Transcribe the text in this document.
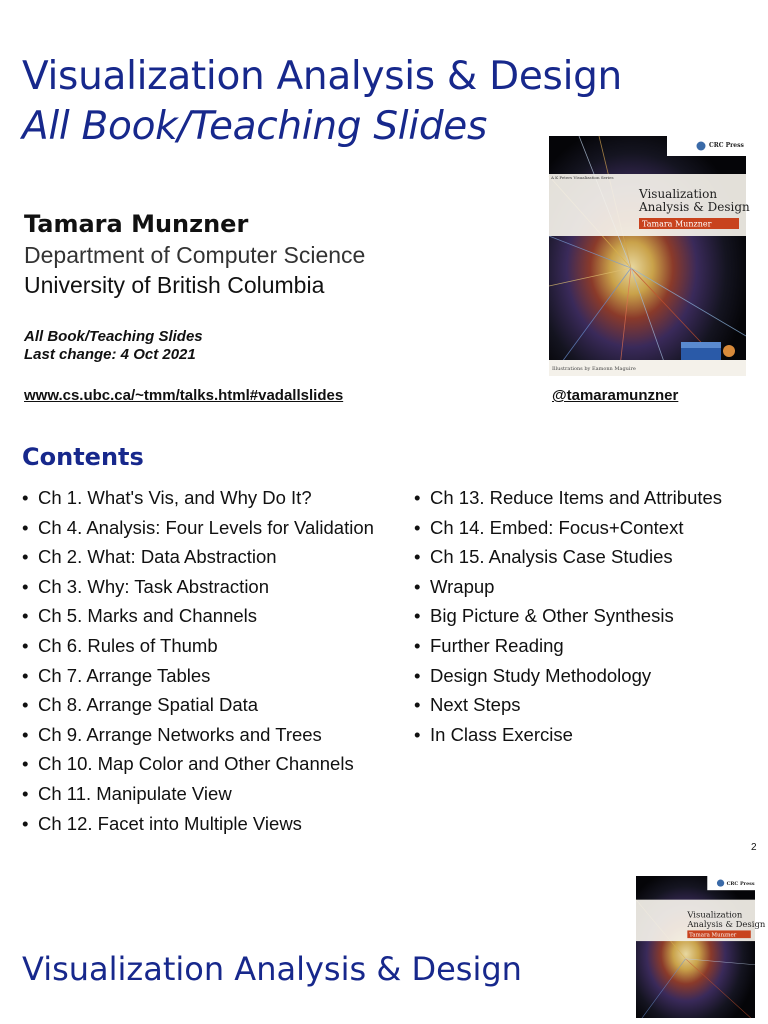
Visualization Analysis & Design
All Book/Teaching Slides
Tamara Munzner
Department of Computer Science
University of British Columbia
All Book/Teaching Slides
Last change: 4 Oct 2021
www.cs.ubc.ca/~tmm/talks.html#vadallslides	@tamaramunzner
A K Peters Visualization Series
Visualization
Analysis & Design
Tamara Munzner
CRC Press
Illustrations by Eamonn Maguire
Contents
• Ch 1. What's Vis, and Why Do It?
• Ch 4. Analysis: Four Levels for Validation
• Ch 2. What: Data Abstraction
• Ch 3. Why: Task Abstraction
• Ch 5. Marks and Channels
• Ch 6. Rules of Thumb
• Ch 7. Arrange Tables
• Ch 8. Arrange Spatial Data
• Ch 9. Arrange Networks and Trees
• Ch 10. Map Color and Other Channels
• Ch 11. Manipulate View
• Ch 12. Facet into Multiple Views
• Ch 13. Reduce Items and Attributes
• Ch 14. Embed: Focus+Context
• Ch 15. Analysis Case Studies
• Wrapup
• Big Picture & Other Synthesis
• Further Reading
• Design Study Methodology
• Next Steps
• In Class Exercise
2
Visualization Analysis & Design
Visualization
Analysis & Design
Tamara Munzner
CRC Press
